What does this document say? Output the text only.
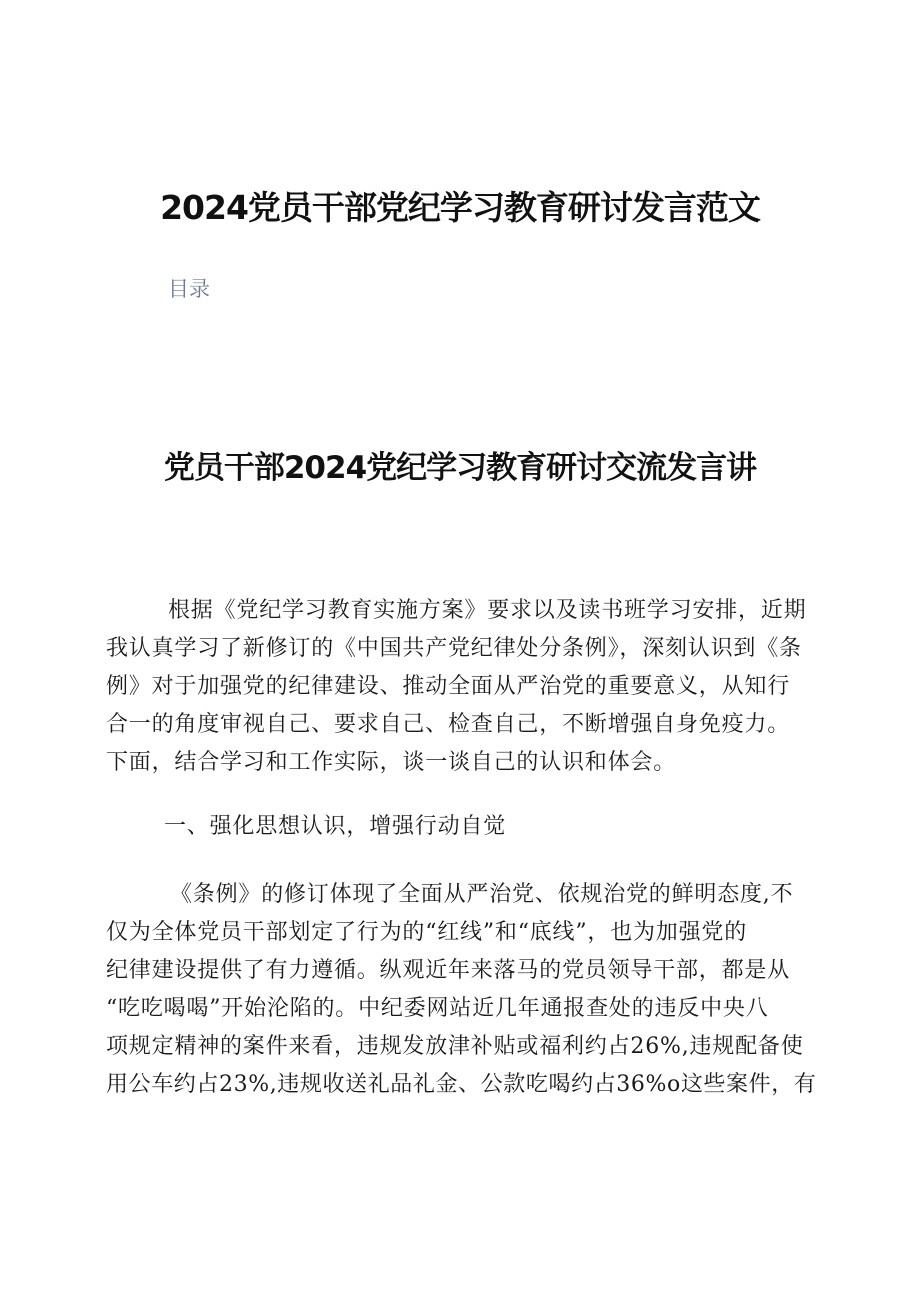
2024党员干部党纪学习教育研讨发言范文
目录
党员干部2024党纪学习教育研讨交流发言讲
根据《党纪学习教育实施方案》要求以及读书班学习安排，近期
我认真学习了新修订的《中国共产党纪律处分条例》，深刻认识到《条
例》对于加强党的纪律建设、推动全面从严治党的重要意义，从知行
合一的角度审视自己、要求自己、检查自己，不断增强自身免疫力。
下面，结合学习和工作实际，谈一谈自己的认识和体会。
一、强化思想认识，增强行动自觉
《条例》的修订体现了全面从严治党、依规治党的鲜明态度,不
仅为全体党员干部划定了行为的“红线”和“底线”，也为加强党的
纪律建设提供了有力遵循。纵观近年来落马的党员领导干部，都是从
“吃吃喝喝”开始沦陷的。中纪委网站近几年通报查处的违反中央八
项规定精神的案件来看，违规发放津补贴或福利约占26%,违规配备使
用公车约占23%,违规收送礼品礼金、公款吃喝约占36%o这些案件，有
